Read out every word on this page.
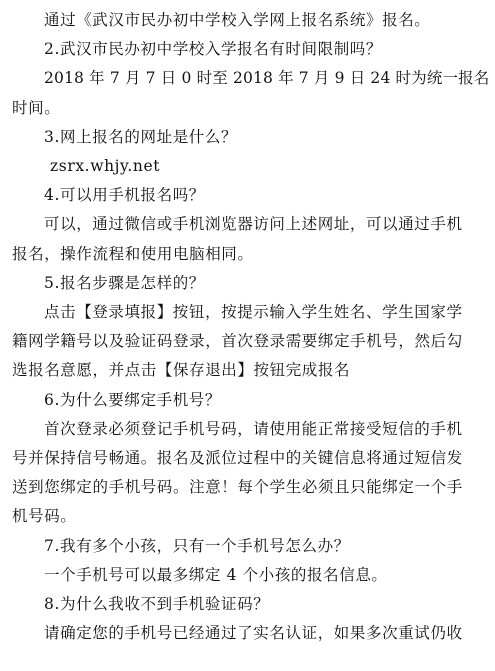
通过《武汉市民办初中学校入学网上报名系统》报名。
2.武汉市民办初中学校入学报名有时间限制吗？
2018 年 7 月 7 日 0 时至 2018 年 7 月 9 日 24 时为统一报名
时间。
3.网上报名的网址是什么？
zsrx.whjy.net
4.可以用手机报名吗？
可以，通过微信或手机浏览器访问上述网址，可以通过手机
报名，操作流程和使用电脑相同。
5.报名步骤是怎样的？
点击【登录填报】按钮，按提示输入学生姓名、学生国家学
籍网学籍号以及验证码登录，首次登录需要绑定手机号，然后勾
选报名意愿，并点击【保存退出】按钮完成报名
6.为什么要绑定手机号？
首次登录必须登记手机号码，请使用能正常接受短信的手机
号并保持信号畅通。报名及派位过程中的关键信息将通过短信发
送到您绑定的手机号码。注意！每个学生必须且只能绑定一个手
机号码。
7.我有多个小孩，只有一个手机号怎么办？
一个手机号可以最多绑定 4 个小孩的报名信息。
8.为什么我收不到手机验证码？
请确定您的手机号已经通过了实名认证，如果多次重试仍收
